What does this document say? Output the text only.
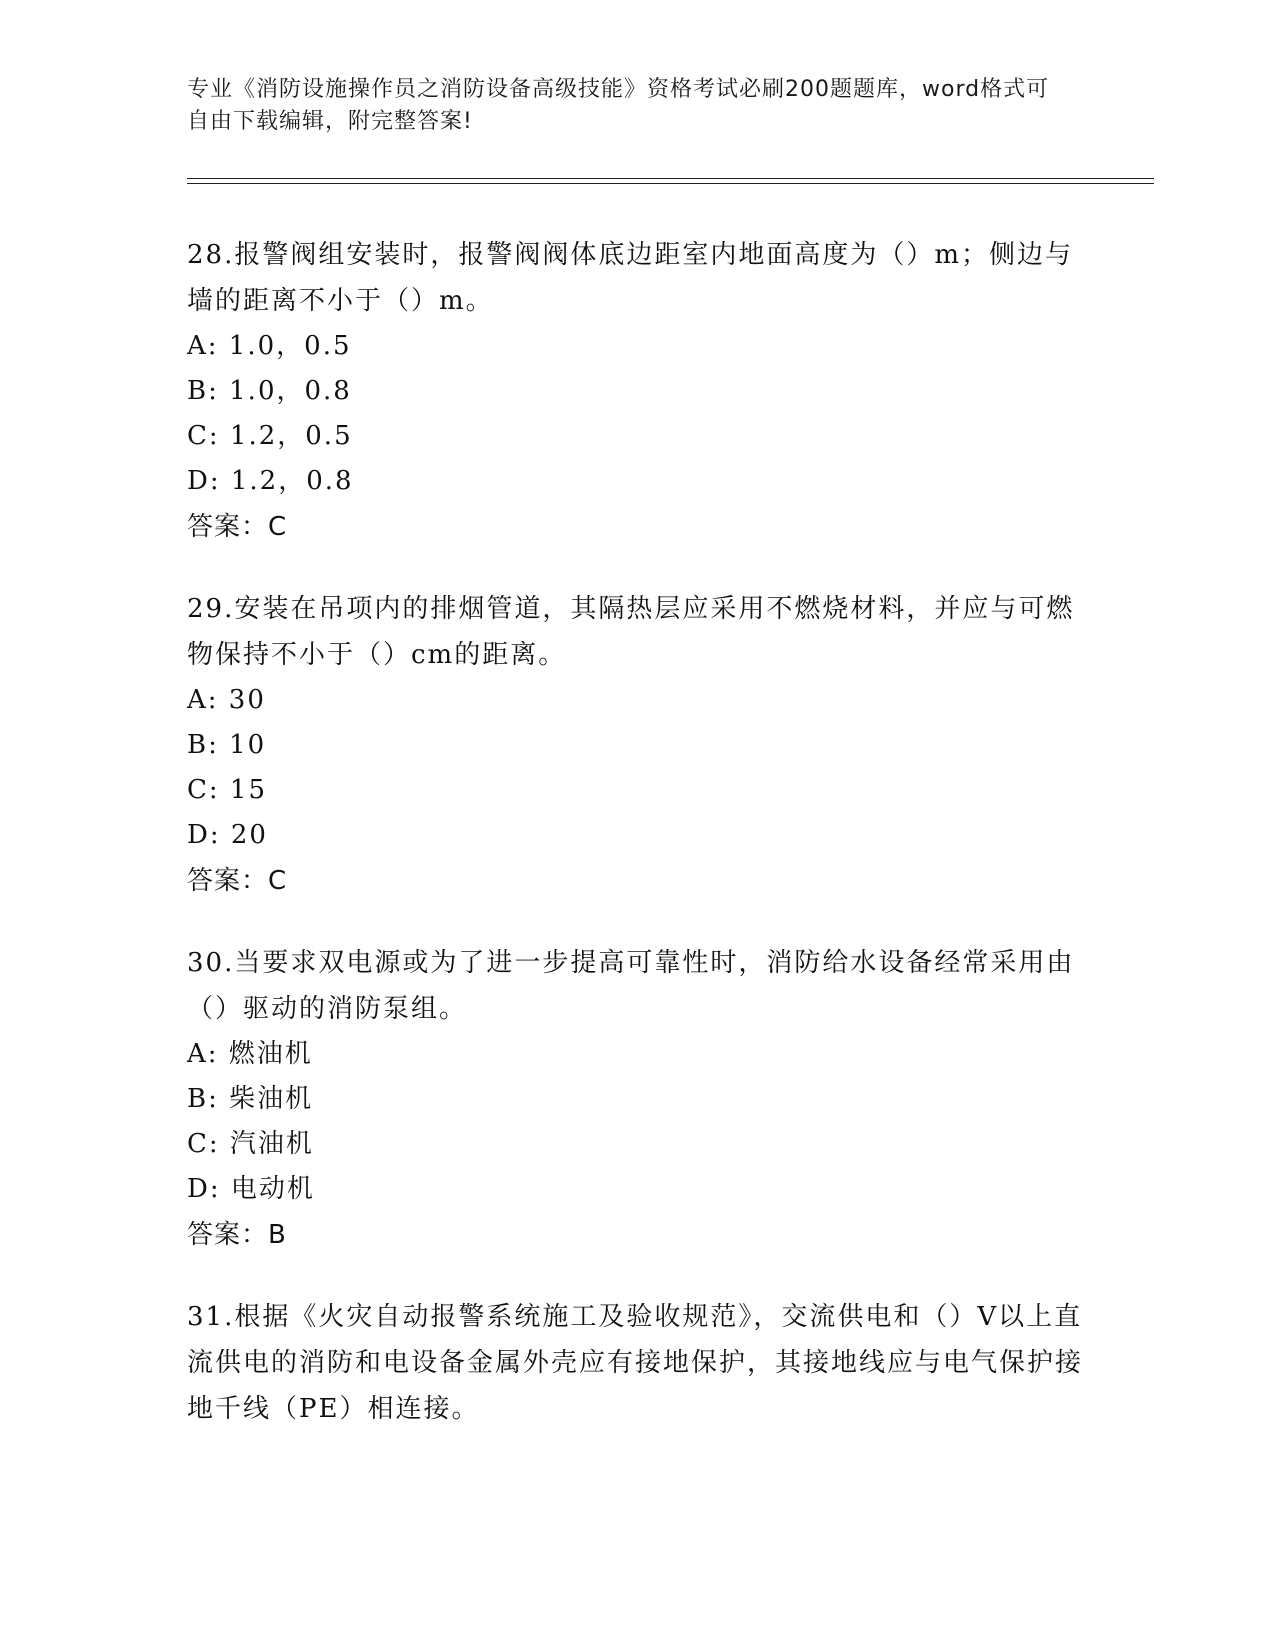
专业《消防设施操作员之消防设备高级技能》资格考试必刷200题题库，word格式可自由下载编辑，附完整答案!

28.报警阀组安装时，报警阀阀体底边距室内地面高度为（）m；侧边与墙的距离不小于（）m。

A: 1.0，0.5

B: 1.0，0.8

C: 1.2，0.5

D: 1.2，0.8

答案：C

29.安装在吊项内的排烟管道，其隔热层应采用不燃烧材料，并应与可燃物保持不小于（）cm的距离。

A: 30

B: 10

C: 15

D: 20

答案：C

30.当要求双电源或为了进一步提高可靠性时，消防给水设备经常采用由（）驱动的消防泵组。

A: 燃油机

B: 柴油机

C: 汽油机

D: 电动机

答案：B

31.根据《火灾自动报警系统施工及验收规范》，交流供电和（）V以上直流供电的消防和电设备金属外壳应有接地保护，其接地线应与电气保护接地千线（PE）相连接。
